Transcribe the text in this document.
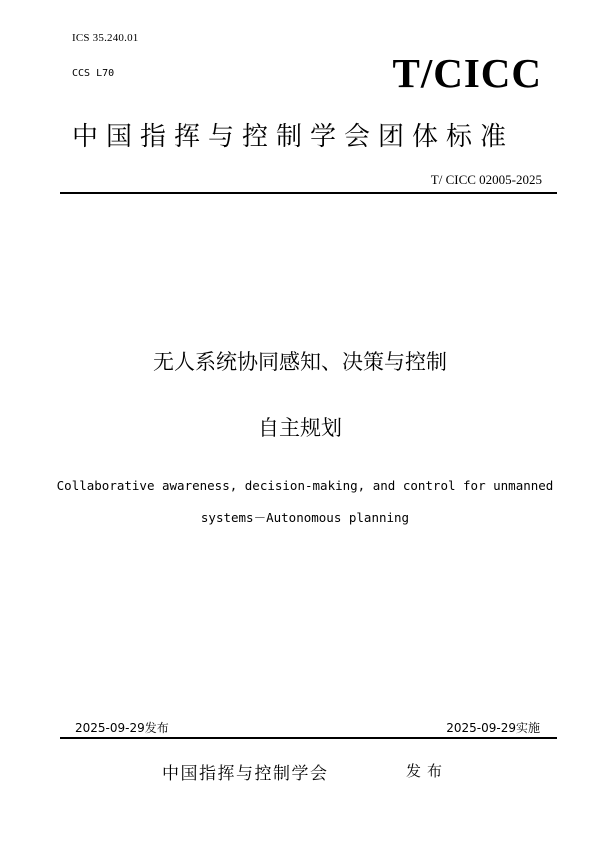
ICS 35.240.01
CCS L70	T/CICC
中国指挥与控制学会团体标准
T/ CICC 02005-2025
无人系统协同感知、决策与控制
自主规划
Collaborative awareness, decision-making, and control for unmanned
systems－Autonomous planning
2025-09-29发布	2025-09-29实施
中国指挥与控制学会	发布
